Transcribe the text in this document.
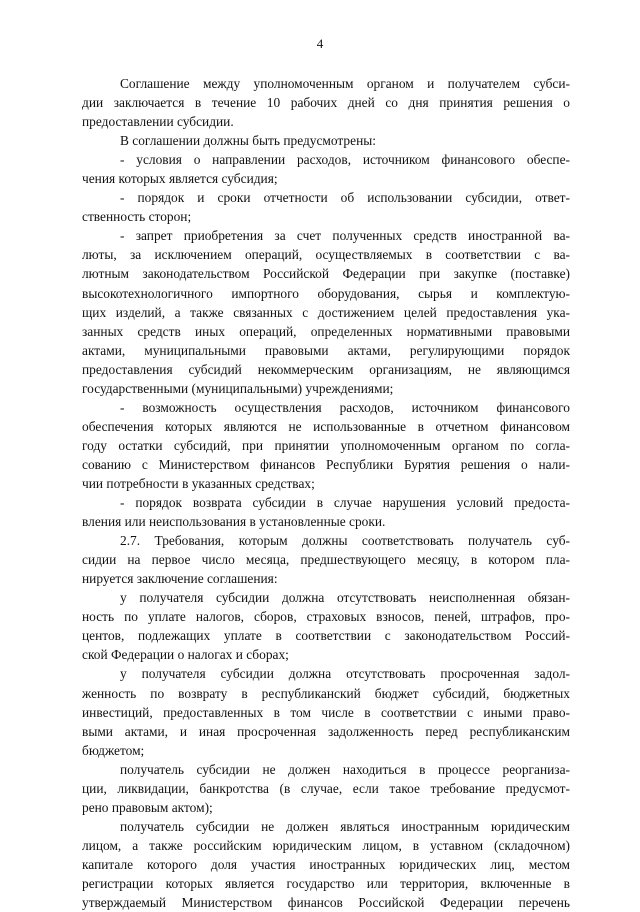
4

Соглашение между уполномоченным органом и получателем субси-

дии заключается в течение 10 рабочих дней со дня принятия решения о

предоставлении субсидии.

В соглашении должны быть предусмотрены:

- условия о направлении расходов, источником финансового обеспе-

чения которых является субсидия;

- порядок и сроки отчетности об использовании субсидии, ответ-

ственность сторон;

- запрет приобретения за счет полученных средств иностранной ва-

люты, за исключением операций, осуществляемых в соответствии с ва-

лютным законодательством Российской Федерации при закупке (поставке)

высокотехнологичного импортного оборудования, сырья и комплектую-

щих изделий, а также связанных с достижением целей предоставления ука-

занных средств иных операций, определенных нормативными правовыми

актами, муниципальными правовыми актами, регулирующими порядок

предоставления субсидий некоммерческим организациям, не являющимся

государственными (муниципальными) учреждениями;

- возможность осуществления расходов, источником финансового

обеспечения которых являются не использованные в отчетном финансовом

году остатки субсидий, при принятии уполномоченным органом по согла-

сованию с Министерством финансов Республики Бурятия решения о нали-

чии потребности в указанных средствах;

- порядок возврата субсидии в случае нарушения условий предоста-

вления или неиспользования в установленные сроки.

2.7. Требования, которым должны соответствовать получатель суб-

сидии на первое число месяца, предшествующего месяцу, в котором пла-

нируется заключение соглашения:

у получателя субсидии должна отсутствовать неисполненная обязан-

ность по уплате налогов, сборов, страховых взносов, пеней, штрафов, про-

центов, подлежащих уплате в соответствии с законодательством Россий-

ской Федерации о налогах и сборах;

у получателя субсидии должна отсутствовать просроченная задол-

женность по возврату в республиканский бюджет субсидий, бюджетных

инвестиций, предоставленных в том числе в соответствии с иными право-

выми актами, и иная просроченная задолженность перед республиканским

бюджетом;

получатель субсидии не должен находиться в процессе реорганиза-

ции, ликвидации, банкротства (в случае, если такое требование предусмот-

рено правовым актом);

получатель субсидии не должен являться иностранным юридическим

лицом, а также российским юридическим лицом, в уставном (складочном)

капитале которого доля участия иностранных юридических лиц, местом

регистрации которых является государство или территория, включенные в

утверждаемый Министерством финансов Российской Федерации перечень
